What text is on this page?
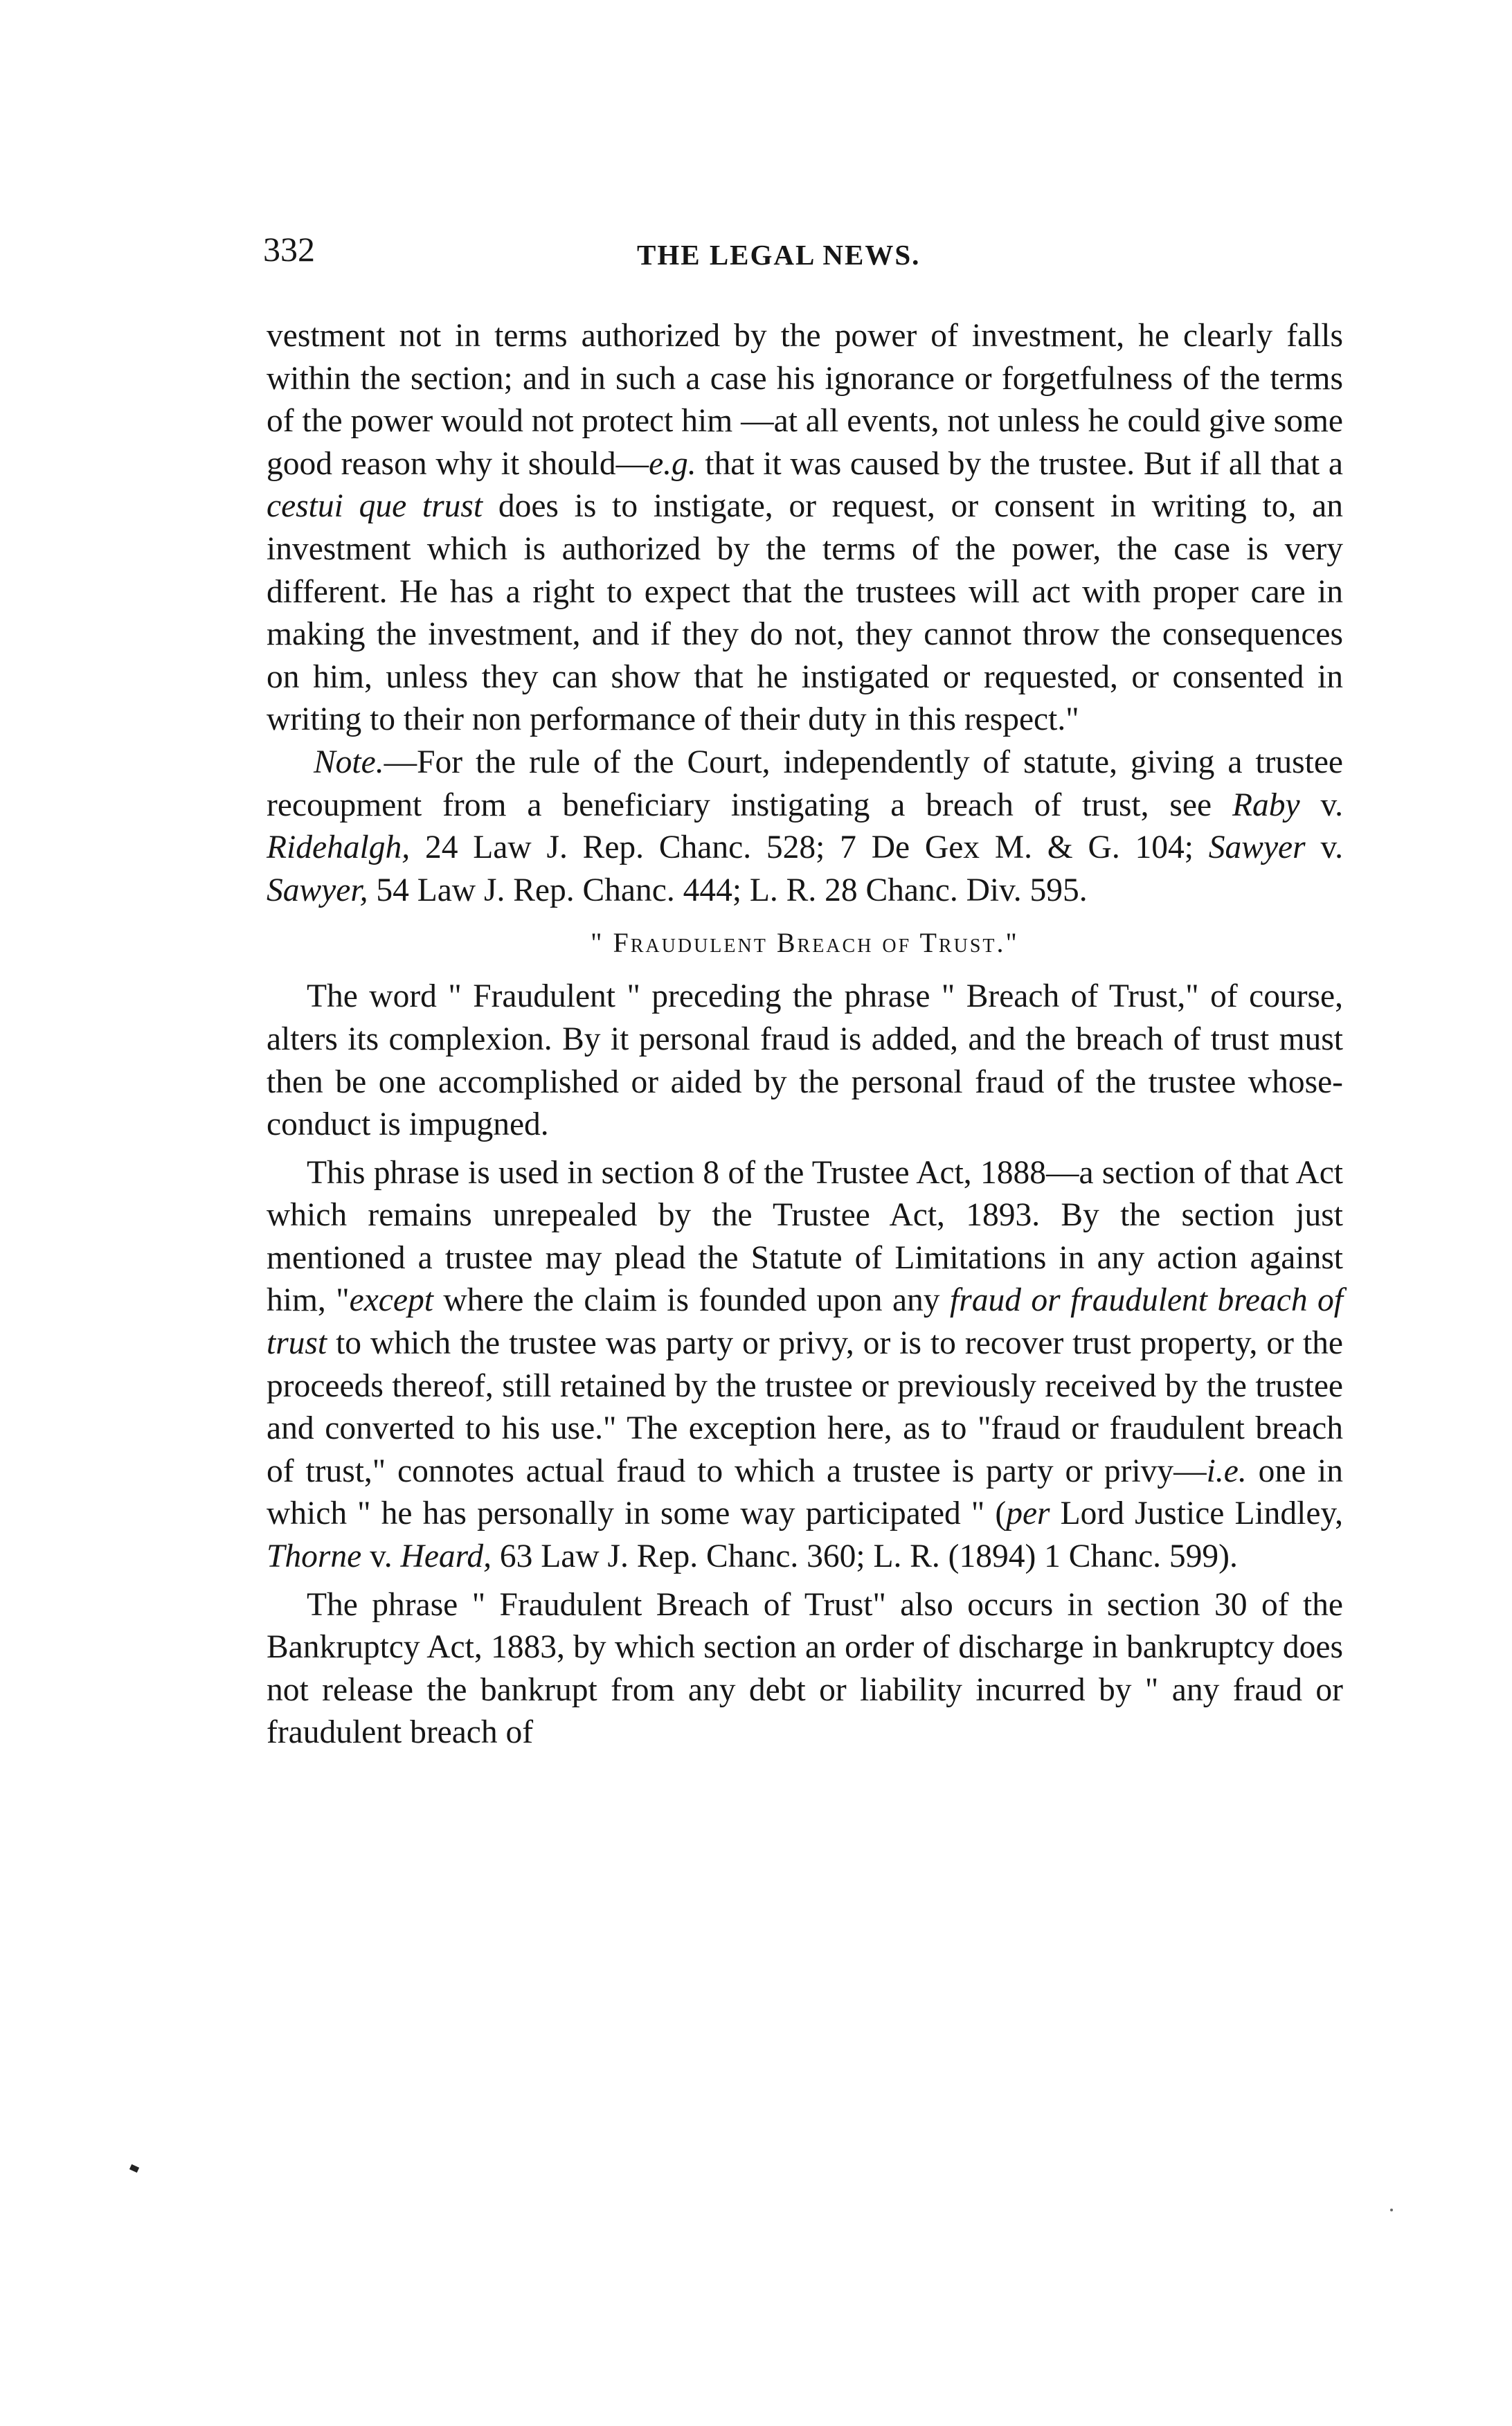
332	THE LEGAL NEWS.

vestment not in terms authorized by the power of investment, he clearly falls within the section; and in such a case his ignorance or forgetfulness of the terms of the power would not protect him —at all events, not unless he could give some good reason why it should—e.g. that it was caused by the trustee. But if all that a cestui que trust does is to instigate, or request, or consent in writing to, an investment which is authorized by the terms of the power, the case is very different. He has a right to expect that the trustees will act with proper care in making the investment, and if they do not, they cannot throw the consequences on him, unless they can show that he instigated or requested, or consented in writing to their non performance of their duty in this respect."

Note.—For the rule of the Court, independently of statute, giving a trustee recoupment from a beneficiary instigating a breach of trust, see Raby v. Ridehalgh, 24 Law J. Rep. Chanc. 528; 7 De Gex M. & G. 104; Sawyer v. Sawyer, 54 Law J. Rep. Chanc. 444; L. R. 28 Chanc. Div. 595.

" Fraudulent Breach of Trust."

The word " Fraudulent " preceding the phrase " Breach of Trust," of course, alters its complexion. By it personal fraud is added, and the breach of trust must then be one accomplished or aided by the personal fraud of the trustee whose-conduct is impugned.

This phrase is used in section 8 of the Trustee Act, 1888—a section of that Act which remains unrepealed by the Trustee Act, 1893. By the section just mentioned a trustee may plead the Statute of Limitations in any action against him, "except where the claim is founded upon any fraud or fraudulent breach of trust to which the trustee was party or privy, or is to recover trust property, or the proceeds thereof, still retained by the trustee or previously received by the trustee and converted to his use." The exception here, as to "fraud or fraudulent breach of trust," connotes actual fraud to which a trustee is party or privy—i.e. one in which " he has personally in some way participated " (per Lord Justice Lindley, Thorne v. Heard, 63 Law J. Rep. Chanc. 360; L. R. (1894) 1 Chanc. 599).

The phrase " Fraudulent Breach of Trust" also occurs in section 30 of the Bankruptcy Act, 1883, by which section an order of discharge in bankruptcy does not release the bankrupt from any debt or liability incurred by " any fraud or fraudulent breach of
